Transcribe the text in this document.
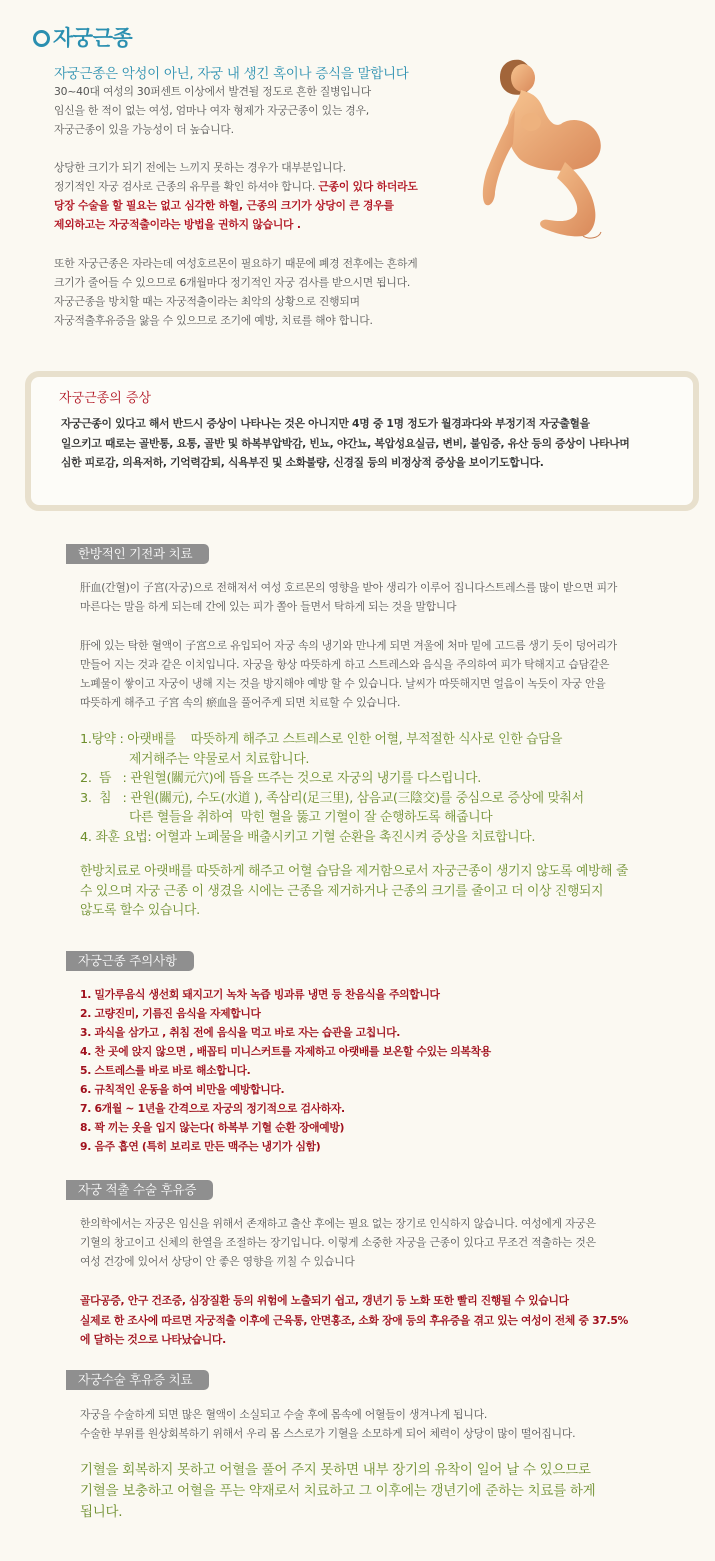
자궁근종
자궁근종은 악성이 아닌, 자궁 내 생긴 혹이나 증식을 말합니다
30~40대 여성의 30퍼센트 이상에서 발견될 정도로 흔한 질병입니다
임신을 한 적이 없는 여성, 엄마나 여자 형제가 자궁근종이 있는 경우,
자궁근종이 있을 가능성이 더 높습니다.
상당한 크기가 되기 전에는 느끼지 못하는 경우가 대부분입니다.
정기적인 자궁 검사로 근종의 유무를 확인 하셔야 합니다. 근종이 있다 하더라도
당장 수술을 할 필요는 없고 심각한 하혈, 근종의 크기가 상당이 큰 경우를
제외하고는 자궁적출이라는 방법을 권하지 않습니다 .
또한 자궁근종은 자라는데 여성호르몬이 필요하기 때문에 폐경 전후에는 흔하게
크기가 줄어들 수 있으므로 6개월마다 정기적인 자궁 검사를 받으시면 됩니다.
자궁근종을 방치할 때는 자궁적출이라는 최악의 상황으로 진행되며
자궁적출후유증을 앓을 수 있으므로 조기에 예방, 치료를 해야 합니다.
자궁근종의 증상
자궁근종이 있다고 해서 반드시 증상이 나타나는 것은 아니지만 4명 중 1명 정도가 월경과다와 부정기적 자궁출혈을
일으키고 때로는 골반통, 요통, 골반 및 하복부압박감, 빈뇨, 야간뇨, 복압성요실금, 변비, 불임증, 유산 등의 증상이 나타나며
심한 피로감, 의욕저하, 기억력감퇴, 식욕부진 및 소화불량, 신경질 등의 비정상적 증상을 보이기도합니다.
한방적인 기전과 치료
肝血(간혈)이 子宮(자궁)으로 전해져서 여성 호르몬의 영향을 받아 생리가 이루어 집니다스트레스를 많이 받으면 피가
마른다는 말을 하게 되는데 간에 있는 피가 쫄아 들면서 탁하게 되는 것을 말합니다
肝에 있는 탁한 혈액이 子宮으로 유입되어 자궁 속의 냉기와 만나게 되면 겨울에 처마 밑에 고드름 생기 듯이 덩어리가
만들어 지는 것과 같은 이치입니다. 자궁을 항상 따뜻하게 하고 스트레스와 음식을 주의하여 피가 탁해지고 습담같은
노폐물이 쌓이고 자궁이 냉해 지는 것을 방지해야 예방 할 수 있습니다. 날씨가 따뜻해지면 얼음이 녹듯이 자궁 안을
따뜻하게 해주고 子宮 속의 瘀血을 풀어주게 되면 치료할 수 있습니다.
1.탕약 : 아랫배를    따뜻하게 해주고 스트레스로 인한 어혈, 부적절한 식사로 인한 습담을
제거해주는 약물로서 치료합니다.
2.  뜸   : 관원혈(關元穴)에 뜸을 뜨주는 것으로 자궁의 냉기를 다스립니다.
3.  침   : 관원(關元), 수도(水道 ), 족삼리(足三里), 삼음교(三陰交)를 중심으로 증상에 맞춰서
다른 혈들을 취하여  막힌 혈을 뚫고 기혈이 잘 순행하도록 해줍니다
4. 좌훈 요법: 어혈과 노폐물을 배출시키고 기혈 순환을 촉진시켜 증상을 치료합니다.
한방치료로 아랫배를 따뜻하게 해주고 어혈 습담을 제거함으로서 자궁근종이 생기지 않도록 예방해 줄
수 있으며 자궁 근종 이 생겼을 시에는 근종을 제거하거나 근종의 크기를 줄이고 더 이상 진행되지
않도록 할수 있습니다.
자궁근종 주의사항
1. 밀가루음식 생선회 돼지고기 녹차 녹즙 빙과류 냉면 등 찬음식을 주의합니다
2. 고량진미, 기름진 음식을 자제합니다
3. 과식을 삼가고 , 취침 전에 음식을 먹고 바로 자는 습관을 고칩니다.
4. 찬 곳에 앉지 않으면 , 배꼽티 미니스커트를 자제하고 아랫배를 보온할 수있는 의복착용
5. 스트레스를 바로 바로 해소합니다.
6. 규칙적인 운동을 하여 비만을 예방합니다.
7. 6개월 ~ 1년을 간격으로 자궁의 정기적으로 검사하자.
8. 꽉 끼는 옷을 입지 않는다( 하복부 기혈 순환 장애예방)
9. 음주 흡연 (특히 보리로 만든 맥주는 냉기가 심함)
자궁 적출 수술 후유증
한의학에서는 자궁은 임신을 위해서 존재하고 출산 후에는 필요 없는 장기로 인식하지 않습니다. 여성에게 자궁은
기혈의 창고이고 신체의 한열을 조절하는 장기입니다. 이렇게 소중한 자궁을 근종이 있다고 무조건 적출하는 것은
여성 건강에 있어서 상당이 안 좋은 영향을 끼칠 수 있습니다
골다공증, 안구 건조증, 심장질환 등의 위험에 노출되기 쉽고, 갱년기 등 노화 또한 빨리 진행될 수 있습니다
실제로 한 조사에 따르면 자궁적출 이후에 근육통, 안면홍조, 소화 장애 등의 후유증을 겪고 있는 여성이 전체 중 37.5%
에 달하는 것으로 나타났습니다.
자궁수술 후유증 치료
자궁을 수술하게 되면 많은 혈액이 소실되고 수술 후에 몸속에 어혈들이 생겨나게 됩니다.
수술한 부위를 원상회복하기 위해서 우리 몸 스스로가 기혈을 소모하게 되어 체력이 상당이 많이 떨어집니다.
기혈을 회복하지 못하고 어혈을 풀어 주지 못하면 내부 장기의 유착이 일어 날 수 있으므로
기혈을 보충하고 어혈을 푸는 약재로서 치료하고 그 이후에는 갱년기에 준하는 치료를 하게
됩니다.
